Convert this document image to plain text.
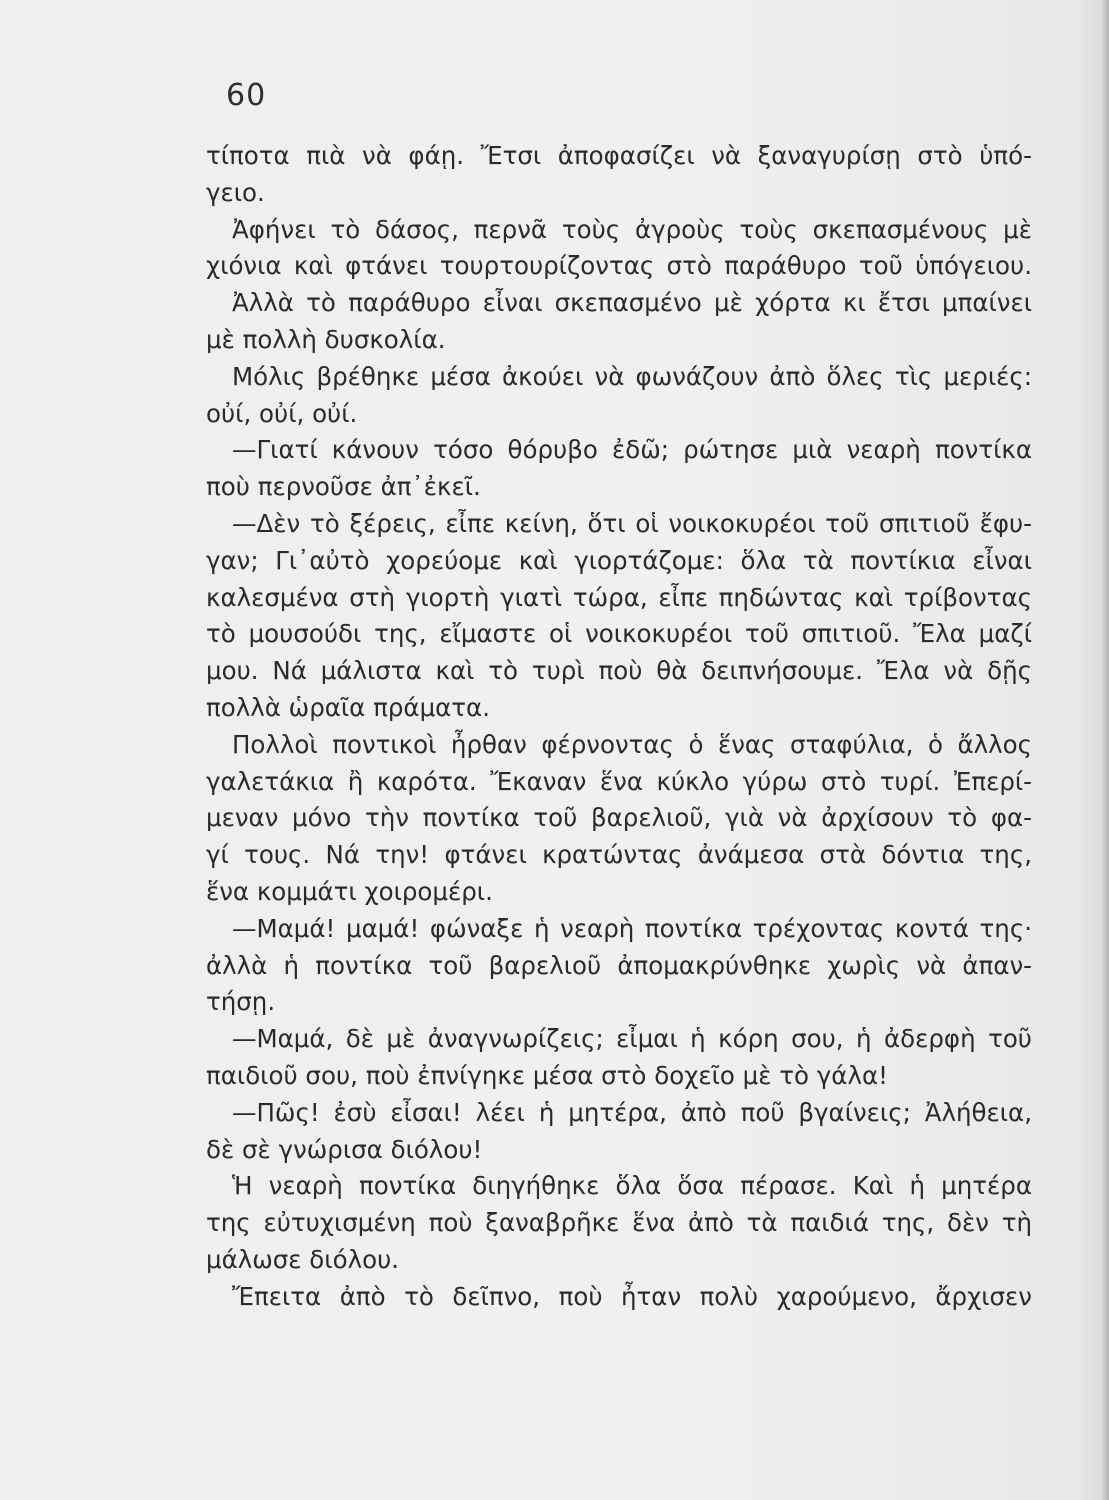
60
τίποτα πιὰ νὰ φάῃ. Ἔτσι ἀποφασίζει νὰ ξαναγυρίσῃ στὸ ὑπό-
γειο.
Ἀφήνει τὸ δάσος, περνᾶ τοὺς ἀγροὺς τοὺς σκεπασμένους μὲ
χιόνια καὶ φτάνει τουρτουρίζοντας στὸ παράθυρο τοῦ ὑπόγειου.
Ἀλλὰ τὸ παράθυρο εἶναι σκεπασμένο μὲ χόρτα κι ἔτσι μπαίνει
μὲ πολλὴ δυσκολία.
Μόλις βρέθηκε μέσα ἀκούει νὰ φωνάζουν ἀπὸ ὅλες τὶς μεριές:
οὐί, οὐί, οὐί.
—Γιατί κάνουν τόσο θόρυβο ἐδῶ; ρώτησε μιὰ νεαρὴ ποντίκα
ποὺ περνοῦσε ἀπ᾿ἐκεῖ.
—Δὲν τὸ ξέρεις, εἶπε κείνη, ὅτι οἱ νοικοκυρέοι τοῦ σπιτιοῦ ἔφυ-
γαν; Γι᾿αὐτὸ χορεύομε καὶ γιορτάζομε: ὅλα τὰ ποντίκια εἶναι
καλεσμένα στὴ γιορτὴ γιατὶ τώρα, εἶπε πηδώντας καὶ τρίβοντας
τὸ μουσούδι της, εἴμαστε οἱ νοικοκυρέοι τοῦ σπιτιοῦ. Ἔλα μαζί
μου. Νά μάλιστα καὶ τὸ τυρὶ ποὺ θὰ δειπνήσουμε. Ἔλα νὰ δῇς
πολλὰ ὡραῖα πράματα.
Πολλοὶ ποντικοὶ ἦρθαν φέρνοντας ὁ ἕνας σταφύλια, ὁ ἄλλος
γαλετάκια ἢ καρότα. Ἔκαναν ἕνα κύκλο γύρω στὸ τυρί. Ἐπερί-
μεναν μόνο τὴν ποντίκα τοῦ βαρελιοῦ, γιὰ νὰ ἀρχίσουν τὸ φα-
γί τους. Νά την! φτάνει κρατώντας ἀνάμεσα στὰ δόντια της,
ἕνα κομμάτι χοιρομέρι.
—Μαμά! μαμά! φώναξε ἡ νεαρὴ ποντίκα τρέχοντας κοντά της·
ἀλλὰ ἡ ποντίκα τοῦ βαρελιοῦ ἀπομακρύνθηκε χωρὶς νὰ ἀπαν-
τήσῃ.
—Μαμά, δὲ μὲ ἀναγνωρίζεις; εἶμαι ἡ κόρη σου, ἡ ἀδερφὴ τοῦ
παιδιοῦ σου, ποὺ ἐπνίγηκε μέσα στὸ δοχεῖο μὲ τὸ γάλα!
—Πῶς! ἐσὺ εἶσαι! λέει ἡ μητέρα, ἀπὸ ποῦ βγαίνεις; Ἀλήθεια,
δὲ σὲ γνώρισα διόλου!
Ἡ νεαρὴ ποντίκα διηγήθηκε ὅλα ὅσα πέρασε. Καὶ ἡ μητέρα
της εὐτυχισμένη ποὺ ξαναβρῆκε ἕνα ἀπὸ τὰ παιδιά της, δὲν τὴ
μάλωσε διόλου.
Ἔπειτα ἀπὸ τὸ δεῖπνο, ποὺ ἦταν πολὺ χαρούμενο, ἄρχισεν
